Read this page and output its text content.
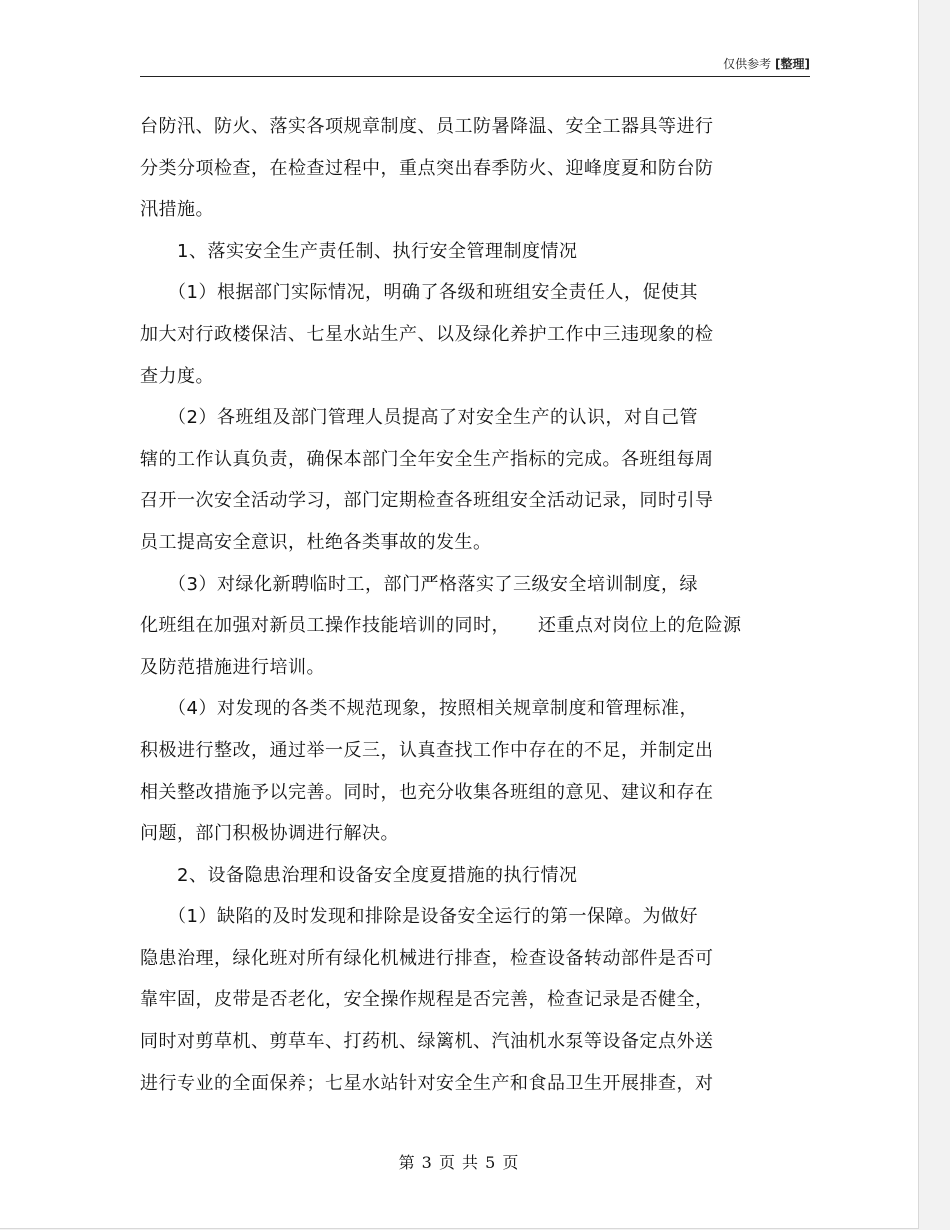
仅供参考 [整理]
台防汛、防火、落实各项规章制度、员工防暑降温、安全工器具等进行
分类分项检查，在检查过程中，重点突出春季防火、迎峰度夏和防台防
汛措施。
　　1、落实安全生产责任制、执行安全管理制度情况
　　（1）根据部门实际情况，明确了各级和班组安全责任人，促使其
加大对行政楼保洁、七星水站生产、以及绿化养护工作中三违现象的检
查力度。
　　（2）各班组及部门管理人员提高了对安全生产的认识，对自己管
辖的工作认真负责，确保本部门全年安全生产指标的完成。各班组每周
召开一次安全活动学习，部门定期检查各班组安全活动记录，同时引导
员工提高安全意识，杜绝各类事故的发生。
　　（3）对绿化新聘临时工，部门严格落实了三级安全培训制度，绿
化班组在加强对新员工操作技能培训的同时，　　还重点对岗位上的危险源
及防范措施进行培训。
　　（4）对发现的各类不规范现象，按照相关规章制度和管理标准，
积极进行整改，通过举一反三，认真查找工作中存在的不足，并制定出
相关整改措施予以完善。同时，也充分收集各班组的意见、建议和存在
问题，部门积极协调进行解决。
　　2、设备隐患治理和设备安全度夏措施的执行情况
　　（1）缺陷的及时发现和排除是设备安全运行的第一保障。为做好
隐患治理，绿化班对所有绿化机械进行排查，检查设备转动部件是否可
靠牢固，皮带是否老化，安全操作规程是否完善，检查记录是否健全，
同时对剪草机、剪草车、打药机、绿篱机、汽油机水泵等设备定点外送
进行专业的全面保养；七星水站针对安全生产和食品卫生开展排查，对
第 3 页 共 5 页
